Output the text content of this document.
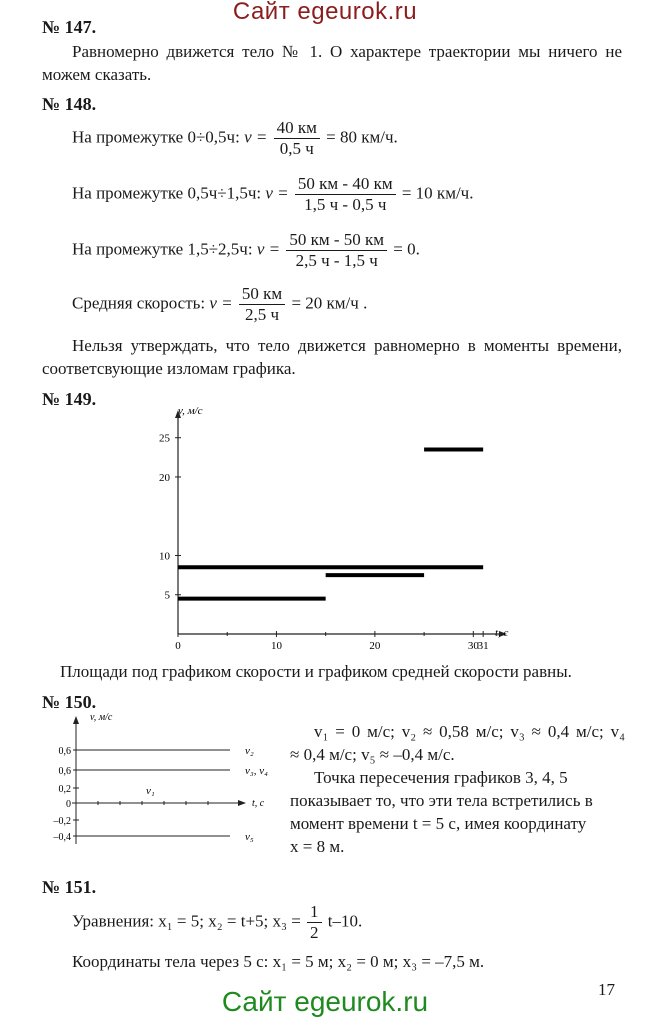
Сайт egeurok.ru
№ 147.
Равномерно движется тело № 1. О характере траектории мы ничего не можем сказать.
№ 148.
На промежутке 0÷0,5ч: $v = \frac{40 км}{0,5 ч} = 80$ км/ч.
На промежутке 0,5ч÷1,5ч: $v = \frac{50 км - 40 км}{1,5 ч - 0,5 ч} = 10$ км/ч.
На промежутке 1,5÷2,5ч: $v = \frac{50 км - 50 км}{2,5 ч - 1,5 ч} = 0$.
Средняя скорость: $v = \frac{50 км}{2,5 ч} = 20$ км/ч .
Нельзя утверждать, что тело движется равномерно в моменты времени, соответсвующие изломам графика.
№ 149.
0	10	20	30
31
5
10
20
25
v, м/с
t, с
Площади под графиком скорости и графиком средней скорости равны.
№ 150.
v, м/с
t, с
0,6
0,6
0,2
0
–0,2
–0,4
v₂
v₃, v₄
v₁
v₅
v₁ = 0 м/с; v₂ ≈ 0,58 м/с; v₃ ≈ 0,4 м/с; v₄
≈ 0,4 м/с; v₅ ≈ –0,4 м/с.
Точка пересечения графиков 3, 4, 5
показывает то, что эти тела встретились в
момент времени t = 5 с, имея координату
x = 8 м.
№ 151.
Уравнения: x₁ = 5; x₂ = t+5; $x_3 = \frac{1}{2} t-10$.
Координаты тела через 5 с: x₁ = 5 м; x₂ = 0 м; x₃ = –7,5 м.
17
Сайт egeurok.ru
